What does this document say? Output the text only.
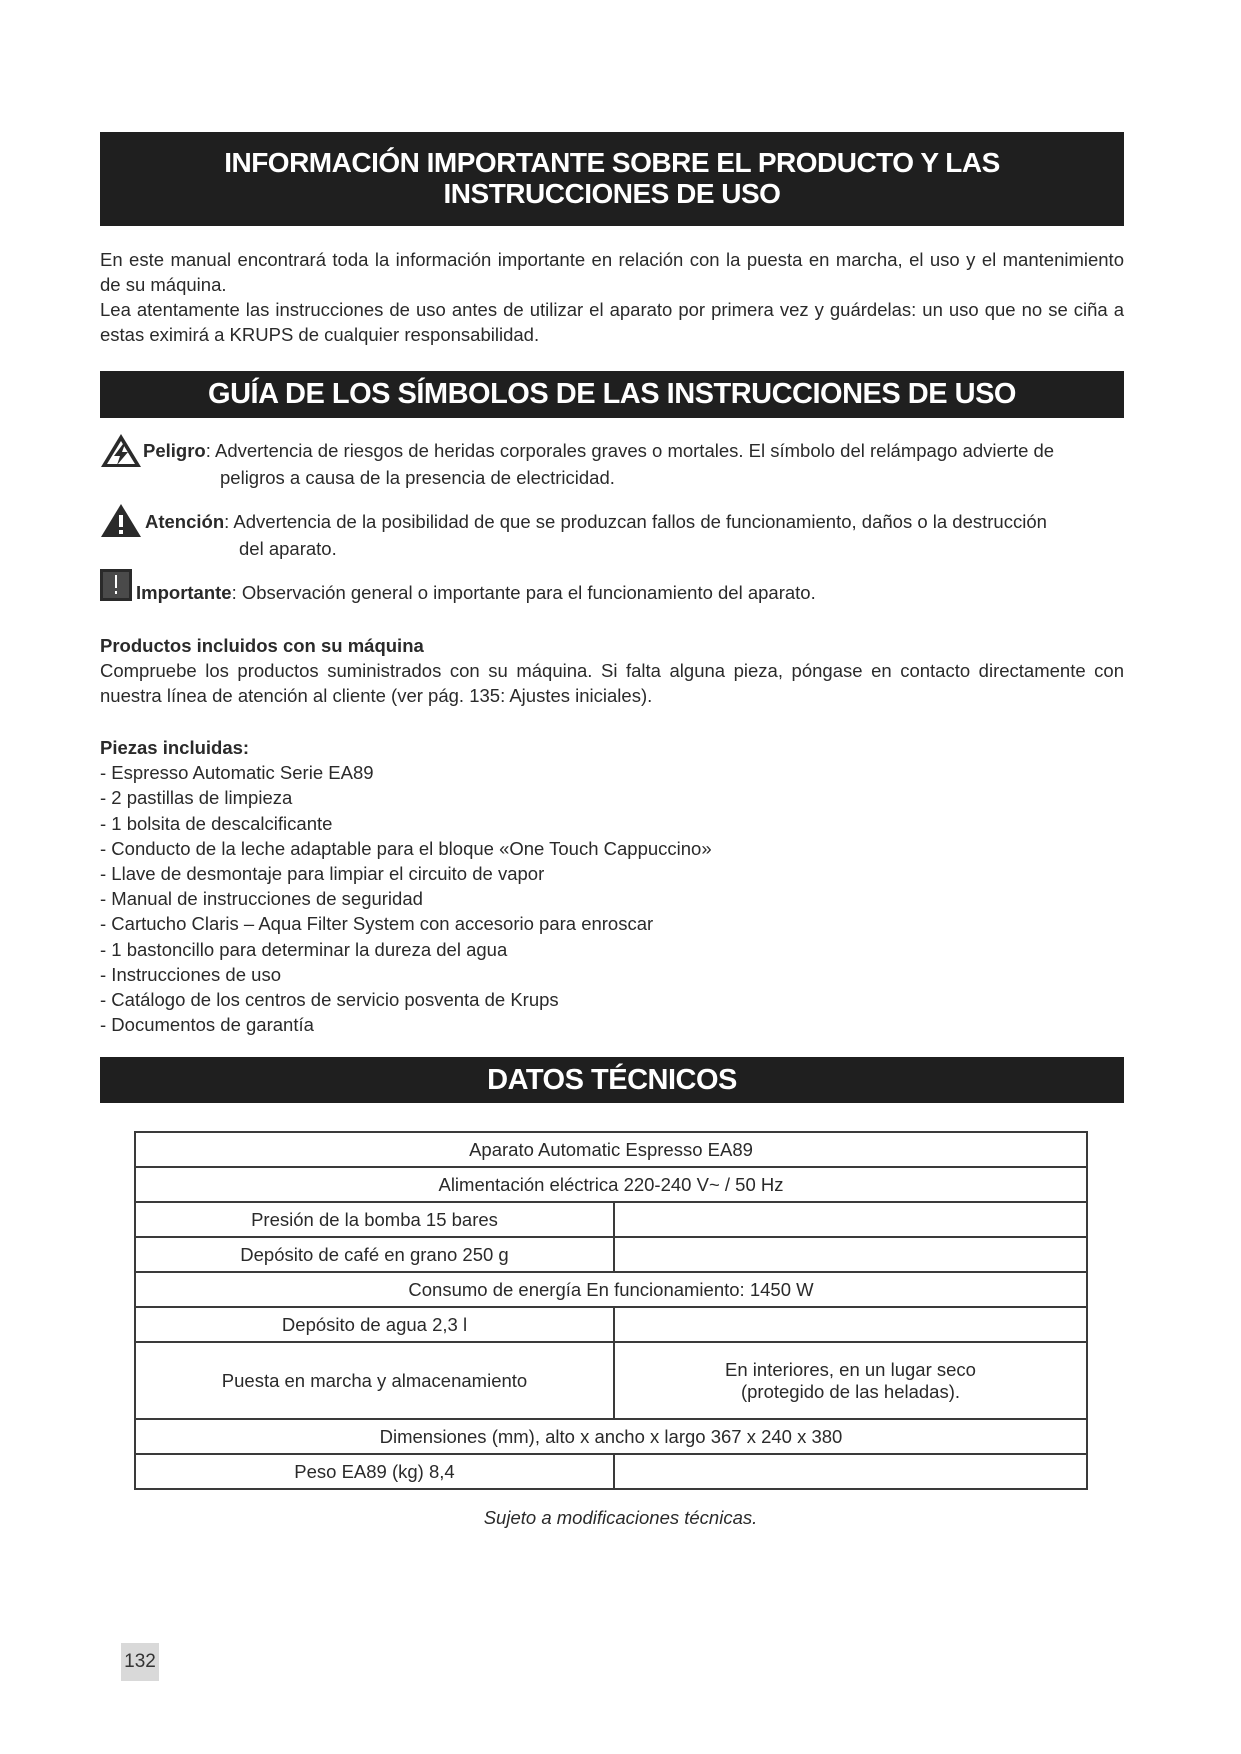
INFORMACIÓN IMPORTANTE SOBRE EL PRODUCTO Y LAS
INSTRUCCIONES DE USO

En este manual encontrará toda la información importante en relación con la puesta en marcha, el uso y el mantenimiento de su máquina.

Lea atentamente las instrucciones de uso antes de utilizar el aparato por primera vez y guárdelas: un uso que no se ciña a estas eximirá a KRUPS de cualquier responsabilidad.

GUÍA DE LOS SÍMBOLOS DE LAS INSTRUCCIONES DE USO
Peligro: Advertencia de riesgos de heridas corporales graves o mortales. El símbolo del relámpago advierte de
peligros a causa de la presencia de electricidad.
Atención: Advertencia de la posibilidad de que se produzcan fallos de funcionamiento, daños o la destrucción
del aparato.
Importante: Observación general o importante para el funcionamiento del aparato.

Productos incluidos con su máquina

Compruebe los productos suministrados con su máquina. Si falta alguna pieza, póngase en contacto directamente con nuestra línea de atención al cliente (ver pág. 135: Ajustes iniciales).

Piezas incluidas:
- Espresso Automatic Serie EA89
- 2 pastillas de limpieza
- 1 bolsita de descalcificante
- Conducto de la leche adaptable para el bloque «One Touch Cappuccino»
- Llave de desmontaje para limpiar el circuito de vapor
- Manual de instrucciones de seguridad
- Cartucho Claris – Aqua Filter System con accesorio para enroscar
- 1 bastoncillo para determinar la dureza del agua
- Instrucciones de uso
- Catálogo de los centros de servicio posventa de Krups
- Documentos de garantía
DATOS TÉCNICOS
Aparato Automatic Espresso EA89	
Alimentación eléctrica 220-240 V~ / 50 Hz	
Presión de la bomba 15 bares	
Depósito de café en grano 250 g	
Consumo de energía En funcionamiento: 1450 W	
Depósito de agua 2,3 l	
Puesta en marcha y almacenamiento	En interiores, en un lugar seco
(protegido de las heladas).

Dimensiones (mm), alto x ancho x largo 367 x 240 x 380	
Peso EA89 (kg) 8,4	
Sujeto a modificaciones técnicas.
132
